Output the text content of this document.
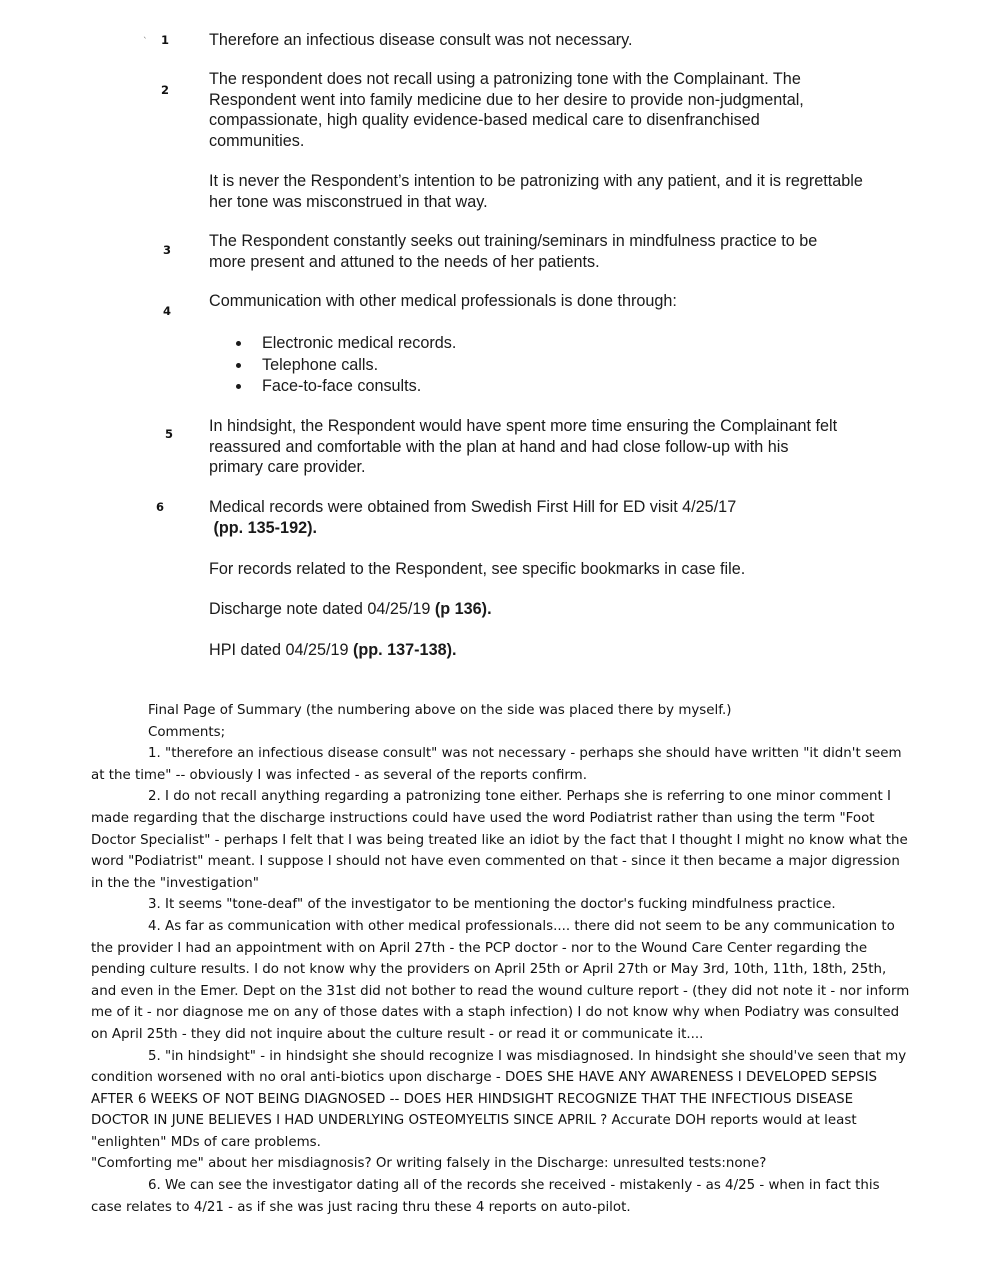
` 1 Therefore an infectious disease consult was not necessary.

2

The respondent does not recall using a patronizing tone with the Complainant. The Respondent went into family medicine due to her desire to provide non-judgmental, compassionate, high quality evidence-based medical care to disenfranchised communities.

It is never the Respondent’s intention to be patronizing with any patient, and it is regrettable her tone was misconstrued in that way.

3 The Respondent constantly seeks out training/seminars in mindfulness practice to be more present and attuned to the needs of her patients.

4

Communication with other medical professionals is done through:

Electronic medical records.
Telephone calls.
Face-to-face consults.
5 In hindsight, the Respondent would have spent more time ensuring the Complainant felt reassured and comfortable with the plan at hand and had close follow-up with his primary care provider.

6	Medical records were obtained from Swedish First Hill for ED visit 4/25/17
(pp. 135-192).

For records related to the Respondent, see specific bookmarks in case file.

Discharge note dated 04/25/19 (p 136).

HPI dated 04/25/19 (pp. 137-138).

Final Page of Summary (the numbering above on the side was placed there by myself.)

Comments;

1. "therefore an infectious disease consult" was not necessary - perhaps she should have written "it didn't seem at the time" -- obviously I was infected - as several of the reports confirm.

2. I do not recall anything regarding a patronizing tone either. Perhaps she is referring to one minor comment I made regarding that the discharge instructions could have used the word Podiatrist rather than using the term "Foot Doctor Specialist" - perhaps I felt that I was being treated like an idiot by the fact that I thought I might no know what the word "Podiatrist" meant. I suppose I should not have even commented on that - since it then became a major digression in the the "investigation"

3. It seems "tone-deaf" of the investigator to be mentioning the doctor's fucking mindfulness practice.

4. As far as communication with other medical professionals.... there did not seem to be any communication to the provider I had an appointment with on April 27th - the PCP doctor - nor to the Wound Care Center regarding the pending culture results. I do not know why the providers on April 25th or April 27th or May 3rd, 10th, 11th, 18th, 25th, and even in the Emer. Dept on the 31st did not bother to read the wound culture report - (they did not note it - nor inform me of it - nor diagnose me on any of those dates with a staph infection) I do not know why when Podiatry was consulted on April 25th - they did not inquire about the culture result - or read it or communicate it....

5. "in hindsight" - in hindsight she should recognize I was misdiagnosed. In hindsight she should've seen that my condition worsened with no oral anti-biotics upon discharge - DOES SHE HAVE ANY AWARENESS I DEVELOPED SEPSIS AFTER 6 WEEKS OF NOT BEING DIAGNOSED -- DOES HER HINDSIGHT RECOGNIZE THAT THE INFECTIOUS DISEASE DOCTOR IN JUNE BELIEVES I HAD UNDERLYING OSTEOMYELTIS SINCE APRIL ? Accurate DOH reports would at least "enlighten" MDs of care problems.

"Comforting me" about her misdiagnosis? Or writing falsely in the Discharge: unresulted tests:none?

6. We can see the investigator dating all of the records she received - mistakenly - as 4/25 - when in fact this case relates to 4/21 - as if she was just racing thru these 4 reports on auto-pilot.
